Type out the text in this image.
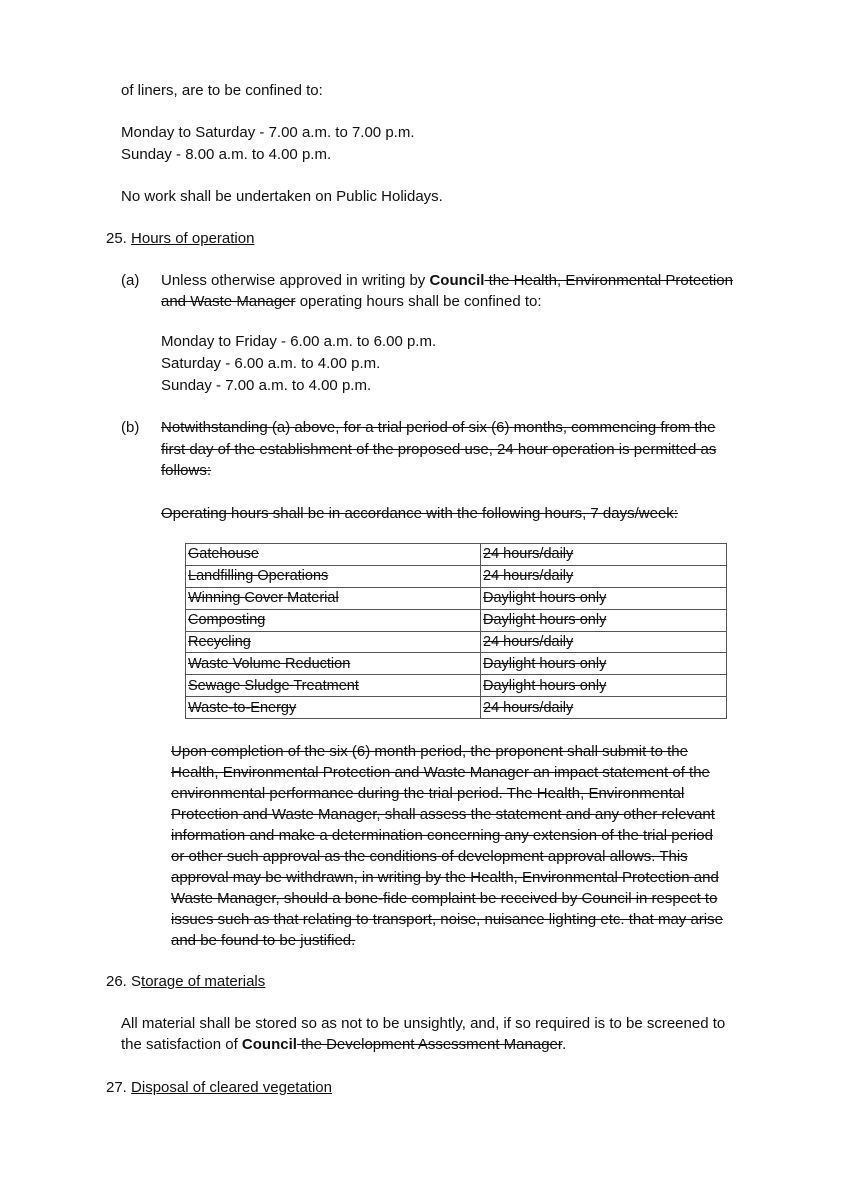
of liners, are to be confined to:
Monday to Saturday - 7.00 a.m. to 7.00 p.m.
Sunday - 8.00 a.m. to 4.00 p.m.
No work shall be undertaken on Public Holidays.
25. Hours of operation
(a) Unless otherwise approved in writing by Council the Health, Environmental Protection
and Waste Manager operating hours shall be confined to:
Monday to Friday - 6.00 a.m. to 6.00 p.m.
Saturday - 6.00 a.m. to 4.00 p.m.
Sunday - 7.00 a.m. to 4.00 p.m.
(b) Notwithstanding (a) above, for a trial period of six (6) months, commencing from the
first day of the establishment of the proposed use, 24 hour operation is permitted as
follows:
Operating hours shall be in accordance with the following hours, 7 days/week:
Gatehouse	24 hours/daily
Landfilling Operations	24 hours/daily
Winning Cover Material	Daylight hours only
Composting	Daylight hours only
Recycling	24 hours/daily
Waste Volume Reduction	Daylight hours only
Sewage Sludge Treatment	Daylight hours only
Waste-to-Energy	24 hours/daily
Upon completion of the six (6) month period, the proponent shall submit to the
Health, Environmental Protection and Waste Manager an impact statement of the
environmental performance during the trial period. The Health, Environmental
Protection and Waste Manager, shall assess the statement and any other relevant
information and make a determination concerning any extension of the trial period
or other such approval as the conditions of development approval allows. This
approval may be withdrawn, in writing by the Health, Environmental Protection and
Waste Manager, should a bone-fide complaint be received by Council in respect to
issues such as that relating to transport, noise, nuisance lighting etc. that may arise
and be found to be justified.
26. Storage of materials
All material shall be stored so as not to be unsightly, and, if so required is to be screened to
the satisfaction of Council the Development Assessment Manager.
27. Disposal of cleared vegetation
